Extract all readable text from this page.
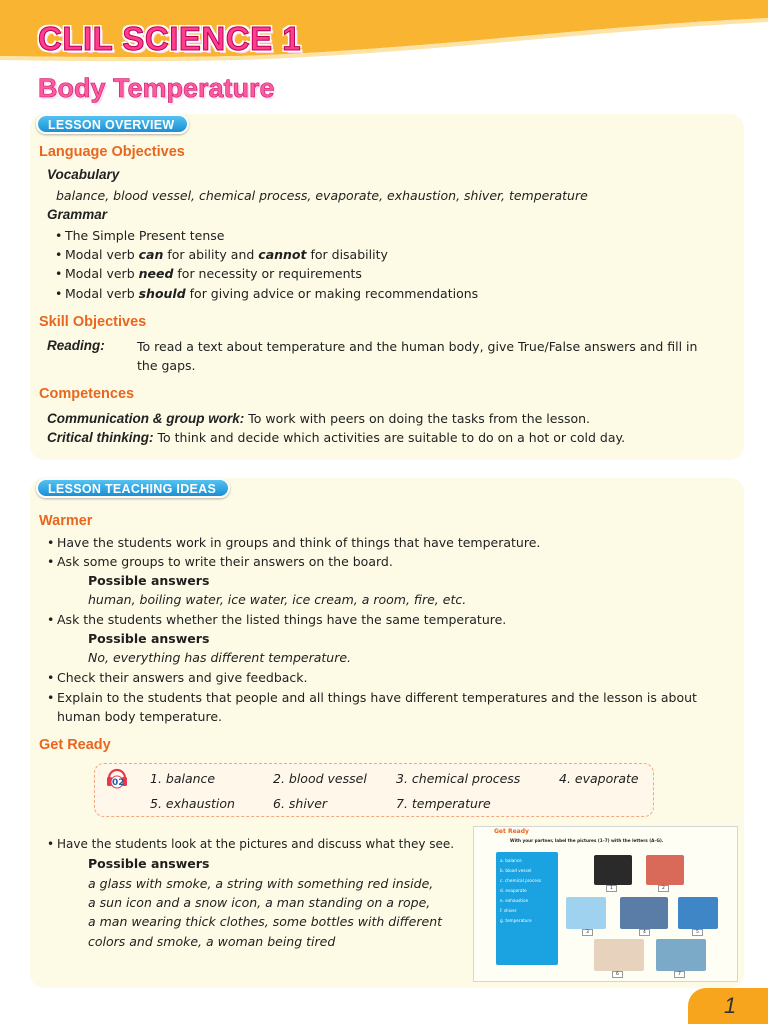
CLIL SCIENCE 1
Body Temperature
LESSON OVERVIEW
Language Objectives
Vocabulary
balance, blood vessel, chemical process, evaporate, exhaustion, shiver, temperature
Grammar
• The Simple Present tense
• Modal verb can for ability and cannot for disability
• Modal verb need for necessity or requirements
• Modal verb should for giving advice or making recommendations
Skill Objectives
Reading:	To read a text about temperature and the human body, give True/False answers and fill in
the gaps.
Competences
Communication & group work: To work with peers on doing the tasks from the lesson.
Critical thinking: To think and decide which activities are suitable to do on a hot or cold day.
LESSON TEACHING IDEAS
Warmer
• Have the students work in groups and think of things that have temperature.
• Ask some groups to write their answers on the board.
Possible answers
human, boiling water, ice water, ice cream, a room, fire, etc.
• Ask the students whether the listed things have the same temperature.
Possible answers
No, everything has different temperature.
• Check their answers and give feedback.
• Explain to the students that people and all things have different temperatures and the lesson is about
human body temperature.
Get Ready
02 1. balance	2. blood vessel 3. chemical process	4. evaporate
5. exhaustion	6. shiver	7. temperature
• Have the students look at the pictures and discuss what they see.
Possible answers
a glass with smoke, a string with something red inside,
a sun icon and a snow icon, a man standing on a rope,
a man wearing thick clothes, some bottles with different
colors and smoke, a woman being tired
Get Ready
With your partner, label the pictures (1–7) with the letters (A–G).
a. balance
b. blood vessel
c. chemical process
d. evaporate
e. exhaustion
f. shiver
g. temperature
1	2
3	4	5
6	7
1
